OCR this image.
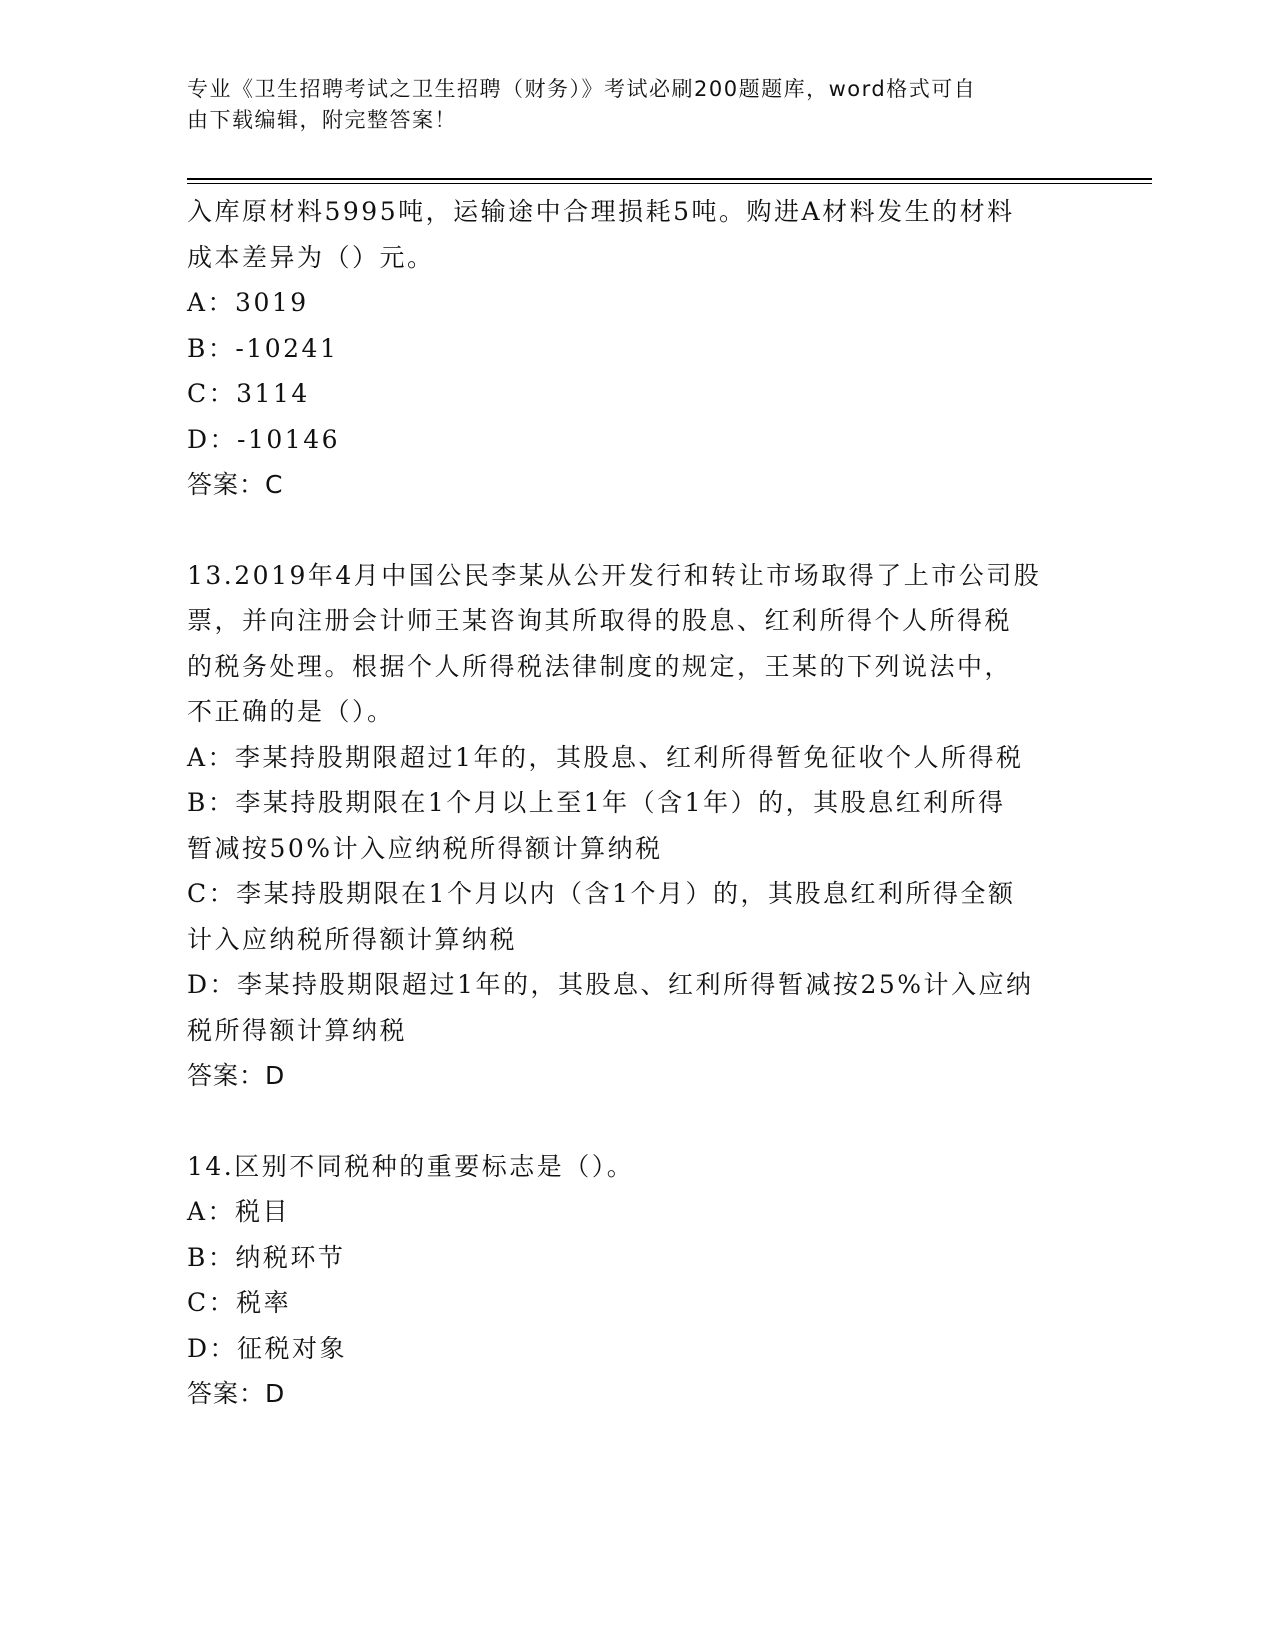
专业《卫生招聘考试之卫生招聘（财务）》考试必刷200题题库，word格式可自
由下载编辑，附完整答案！
入库原材料5995吨，运输途中合理损耗5吨。购进A材料发生的材料
成本差异为（）元。
A：3019
B：-10241
C：3114
D：-10146
答案：C
13.2019年4月中国公民李某从公开发行和转让市场取得了上市公司股
票，并向注册会计师王某咨询其所取得的股息、红利所得个人所得税
的税务处理。根据个人所得税法律制度的规定，王某的下列说法中，
不正确的是（）。
A：李某持股期限超过1年的，其股息、红利所得暂免征收个人所得税
B：李某持股期限在1个月以上至1年（含1年）的，其股息红利所得
暂减按50%计入应纳税所得额计算纳税
C：李某持股期限在1个月以内（含1个月）的，其股息红利所得全额
计入应纳税所得额计算纳税
D：李某持股期限超过1年的，其股息、红利所得暂减按25%计入应纳
税所得额计算纳税
答案：D
14.区别不同税种的重要标志是（）。
A：税目
B：纳税环节
C：税率
D：征税对象
答案：D
